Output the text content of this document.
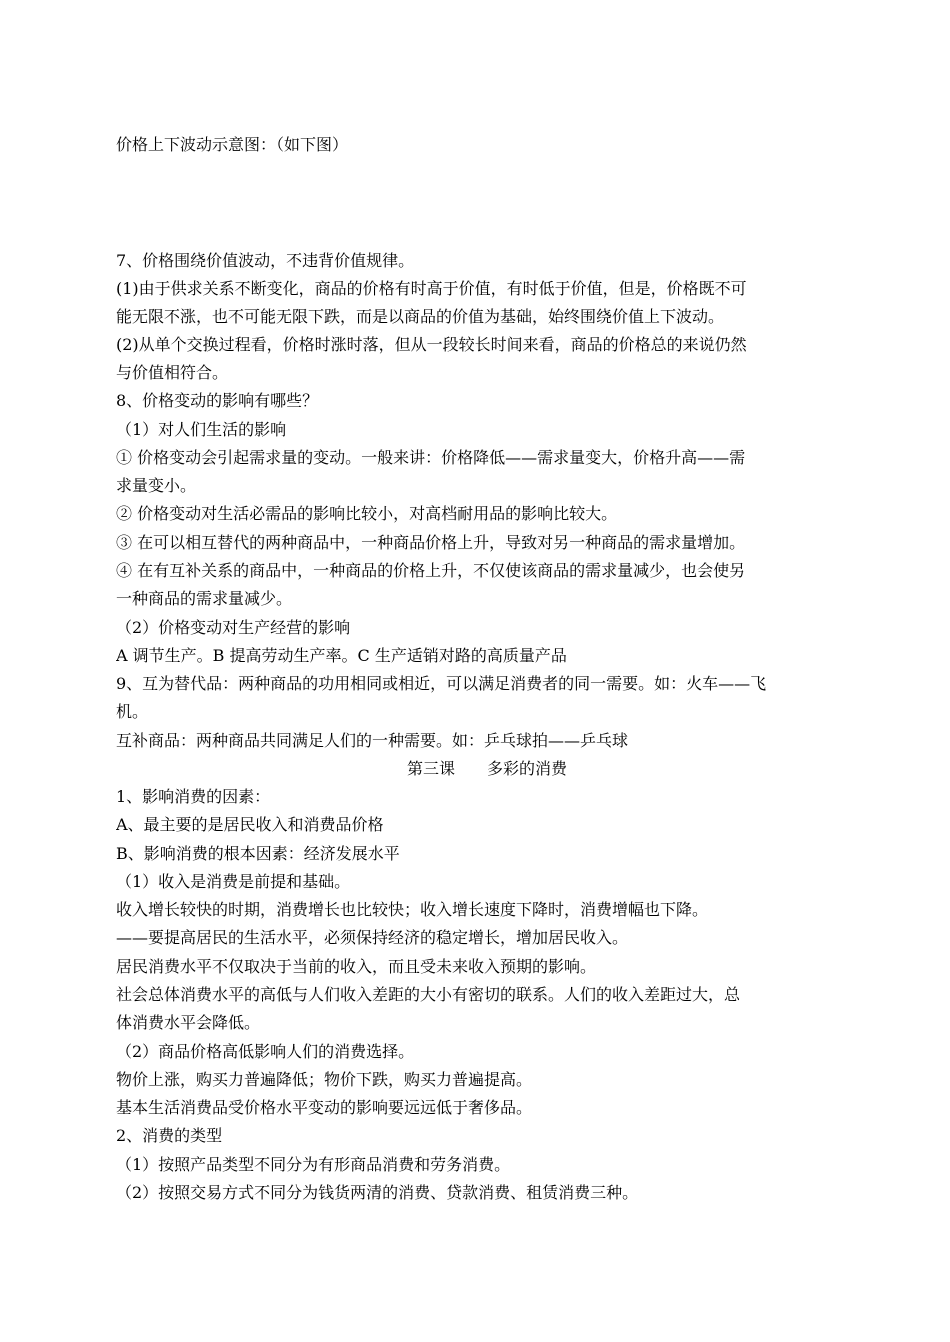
价格上下波动示意图：（如下图）
7、价格围绕价值波动，不违背价值规律。
(1)由于供求关系不断变化，商品的价格有时高于价值，有时低于价值，但是，价格既不可
能无限不涨，也不可能无限下跌，而是以商品的价值为基础，始终围绕价值上下波动。
(2)从单个交换过程看，价格时涨时落，但从一段较长时间来看，商品的价格总的来说仍然
与价值相符合。
8、价格变动的影响有哪些？
（1）对人们生活的影响
① 价格变动会引起需求量的变动。一般来讲：价格降低——需求量变大，价格升高——需
求量变小。
② 价格变动对生活必需品的影响比较小，对高档耐用品的影响比较大。
③ 在可以相互替代的两种商品中，一种商品价格上升，导致对另一种商品的需求量增加。
④ 在有互补关系的商品中，一种商品的价格上升，不仅使该商品的需求量减少，也会使另
一种商品的需求量减少。
（2）价格变动对生产经营的影响
A 调节生产。B 提高劳动生产率。C 生产适销对路的高质量产品
9、互为替代品：两种商品的功用相同或相近，可以满足消费者的同一需要。如：火车——飞
机。
互补商品：两种商品共同满足人们的一种需要。如：乒乓球拍——乒乓球
第三课　　多彩的消费
1、影响消费的因素：
A、最主要的是居民收入和消费品价格
B、影响消费的根本因素：经济发展水平
（1）收入是消费是前提和基础。
收入增长较快的时期，消费增长也比较快；收入增长速度下降时，消费增幅也下降。
——要提高居民的生活水平，必须保持经济的稳定增长，增加居民收入。
居民消费水平不仅取决于当前的收入，而且受未来收入预期的影响。
社会总体消费水平的高低与人们收入差距的大小有密切的联系。人们的收入差距过大，总
体消费水平会降低。
（2）商品价格高低影响人们的消费选择。
物价上涨，购买力普遍降低；物价下跌，购买力普遍提高。
基本生活消费品受价格水平变动的影响要远远低于奢侈品。
2、消费的类型
（1）按照产品类型不同分为有形商品消费和劳务消费。
（2）按照交易方式不同分为钱货两清的消费、贷款消费、租赁消费三种。
